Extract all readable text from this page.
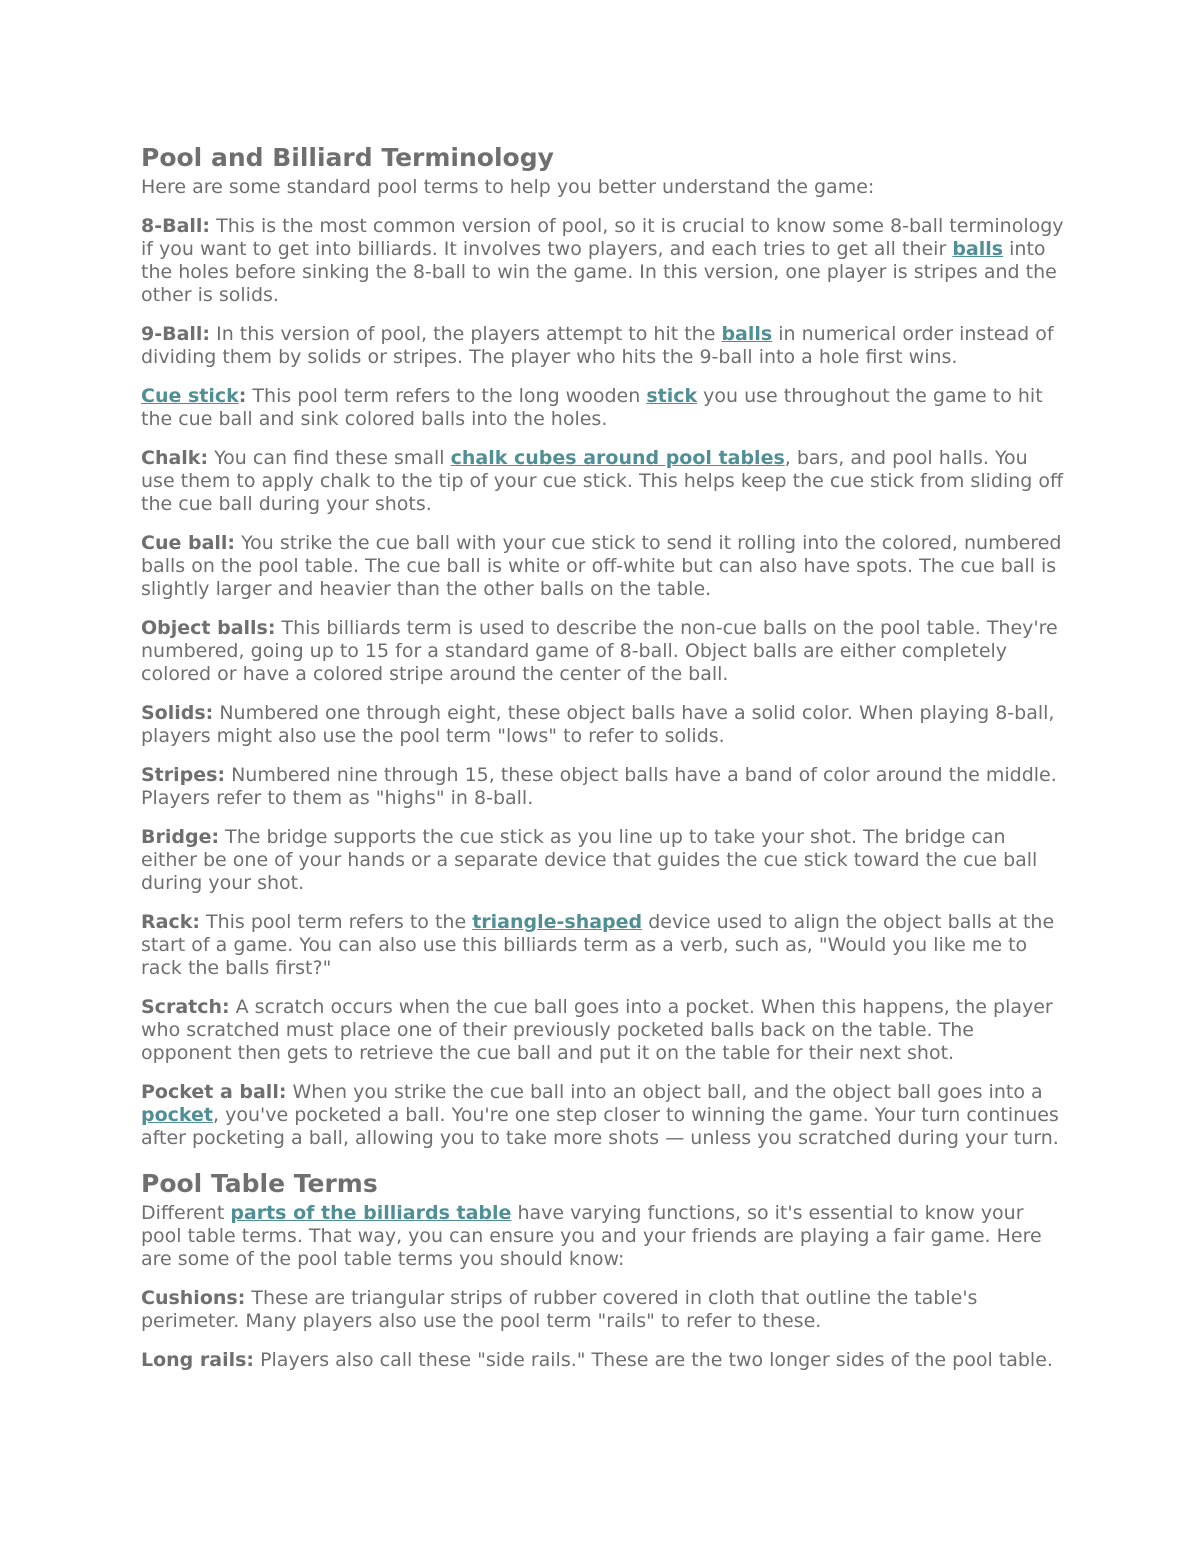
Pool and Billiard Terminology

Here are some standard pool terms to help you better understand the game:

8-Ball: This is the most common version of pool, so it is crucial to know some 8-ball terminology if you want to get into billiards. It involves two players, and each tries to get all their balls into the holes before sinking the 8-ball to win the game. In this version, one player is stripes and the other is solids.

9-Ball: In this version of pool, the players attempt to hit the balls in numerical order instead of dividing them by solids or stripes. The player who hits the 9-ball into a hole first wins.

Cue stick: This pool term refers to the long wooden stick you use throughout the game to hit the cue ball and sink colored balls into the holes.

Chalk: You can find these small chalk cubes around pool tables, bars, and pool halls. You use them to apply chalk to the tip of your cue stick. This helps keep the cue stick from sliding off the cue ball during your shots.

Cue ball: You strike the cue ball with your cue stick to send it rolling into the colored, numbered balls on the pool table. The cue ball is white or off-white but can also have spots. The cue ball is slightly larger and heavier than the other balls on the table.

Object balls: This billiards term is used to describe the non-cue balls on the pool table. They're numbered, going up to 15 for a standard game of 8-ball. Object balls are either completely colored or have a colored stripe around the center of the ball.

Solids: Numbered one through eight, these object balls have a solid color. When playing 8-ball, players might also use the pool term "lows" to refer to solids.

Stripes: Numbered nine through 15, these object balls have a band of color around the middle. Players refer to them as "highs" in 8-ball.

Bridge: The bridge supports the cue stick as you line up to take your shot. The bridge can either be one of your hands or a separate device that guides the cue stick toward the cue ball during your shot.

Rack: This pool term refers to the triangle-shaped device used to align the object balls at the start of a game. You can also use this billiards term as a verb, such as, "Would you like me to rack the balls first?"

Scratch: A scratch occurs when the cue ball goes into a pocket. When this happens, the player who scratched must place one of their previously pocketed balls back on the table. The opponent then gets to retrieve the cue ball and put it on the table for their next shot.

Pocket a ball: When you strike the cue ball into an object ball, and the object ball goes into a pocket, you've pocketed a ball. You're one step closer to winning the game. Your turn continues after pocketing a ball, allowing you to take more shots — unless you scratched during your turn.

Pool Table Terms

Different parts of the billiards table have varying functions, so it's essential to know your pool table terms. That way, you can ensure you and your friends are playing a fair game. Here are some of the pool table terms you should know:

Cushions: These are triangular strips of rubber covered in cloth that outline the table's perimeter. Many players also use the pool term "rails" to refer to these.

Long rails: Players also call these "side rails." These are the two longer sides of the pool table.
